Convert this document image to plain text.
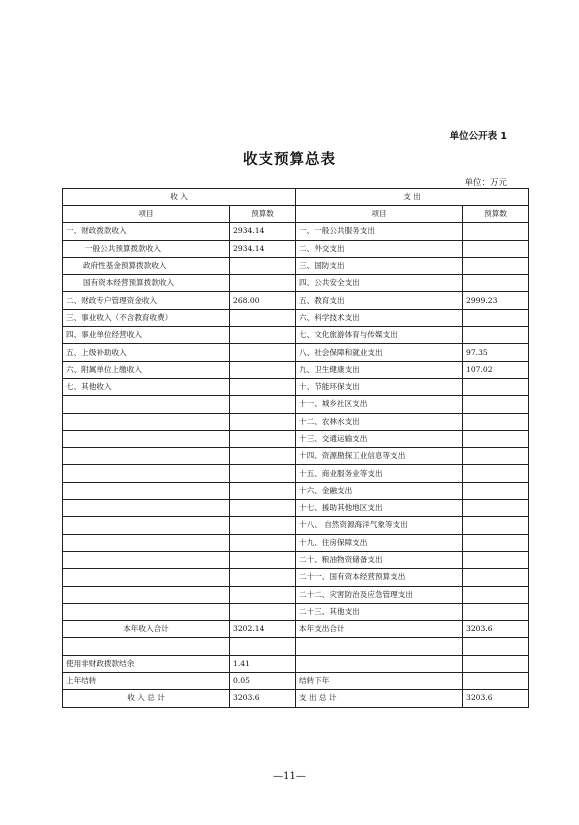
单位公开表 1
收支预算总表
单位：万元
收 入		支 出	
项目	预算数	项目	预算数
一、财政拨款收入	2934.14	一、一般公共服务支出	
一般公共预算拨款收入	2934.14	二、外交支出	
政府性基金预算拨款收入		三、国防支出	
国有资本经营预算拨款收入		四、公共安全支出	
二、财政专户管理资金收入	268.00	五、教育支出	2999.23
三、事业收入（不含教育收费）		六、科学技术支出	
四、事业单位经营收入		七、文化旅游体育与传媒支出	
五、上级补助收入		八、社会保障和就业支出	97.35
六、附属单位上缴收入		九、卫生健康支出	107.02
七、其他收入		十、节能环保支出	
		十一、城乡社区支出	
		十二、农林水支出	
		十三、交通运输支出	
		十四、资源勘探工业信息等支出	
		十五、商业服务业等支出	
		十六、金融支出	
		十七、援助其他地区支出	
		十八、 自然资源海洋气象等支出	
		十九、住房保障支出	
		二十、粮油物资储备支出	
		二十一、国有资本经营预算支出	
		二十二、灾害防治及应急管理支出	
		二十三、其他支出	
本年收入合计	3202.14	本年支出合计	3203.6

使用非财政拨款结余	1.41		
上年结转	0.05	结转下年	
收 入 总 计	3203.6	支 出 总 计	3203.6
—11—
